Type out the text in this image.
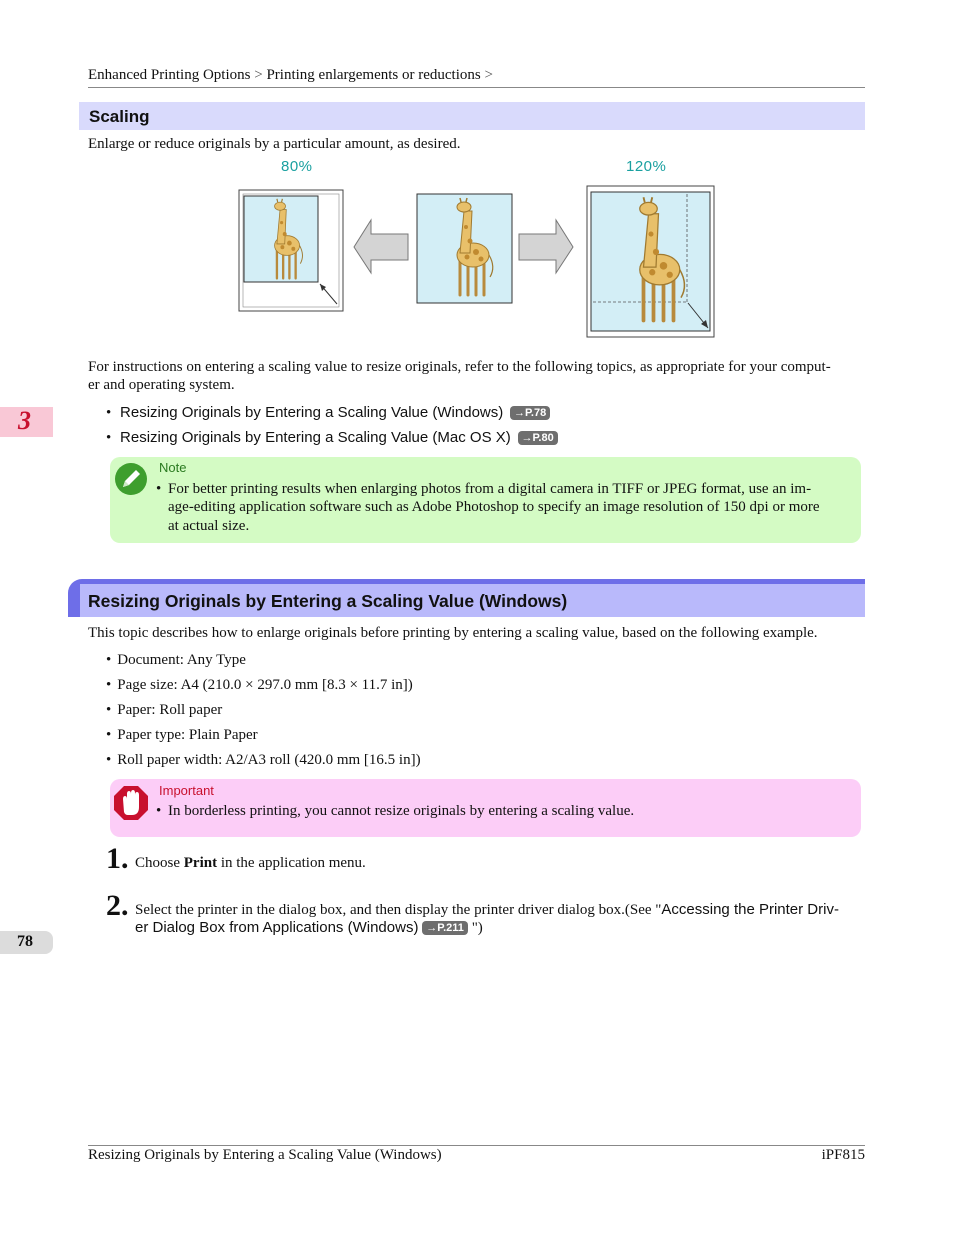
Enhanced Printing Options > Printing enlargements or reductions >
Scaling
Enlarge or reduce originals by a particular amount, as desired.
80%	120%
For instructions on entering a scaling value to resize originals, refer to the following topics, as appropriate for your comput-
er and operating system.
• Resizing Originals by Entering a Scaling Value (Windows) →P.78
• Resizing Originals by Entering a Scaling Value (Mac OS X) →P.80
Note
• For better printing results when enlarging photos from a digital camera in TIFF or JPEG format, use an im-
age-editing application software such as Adobe Photoshop to specify an image resolution of 150 dpi or more
at actual size.
Resizing Originals by Entering a Scaling Value (Windows)
This topic describes how to enlarge originals before printing by entering a scaling value, based on the following example.
• Document: Any Type
• Page size: A4 (210.0 × 297.0 mm [8.3 × 11.7 in])
• Paper: Roll paper
• Paper type: Plain Paper
• Roll paper width: A2/A3 roll (420.0 mm [16.5 in])
Important
• In borderless printing, you cannot resize originals by entering a scaling value.
1. Choose Print in the application menu.
2. Select the printer in the dialog box, and then display the printer driver dialog box.(See "Accessing the Printer Driv-
er Dialog Box from Applications (Windows) →P.211 ")
3
78
Resizing Originals by Entering a Scaling Value (Windows)	iPF815
